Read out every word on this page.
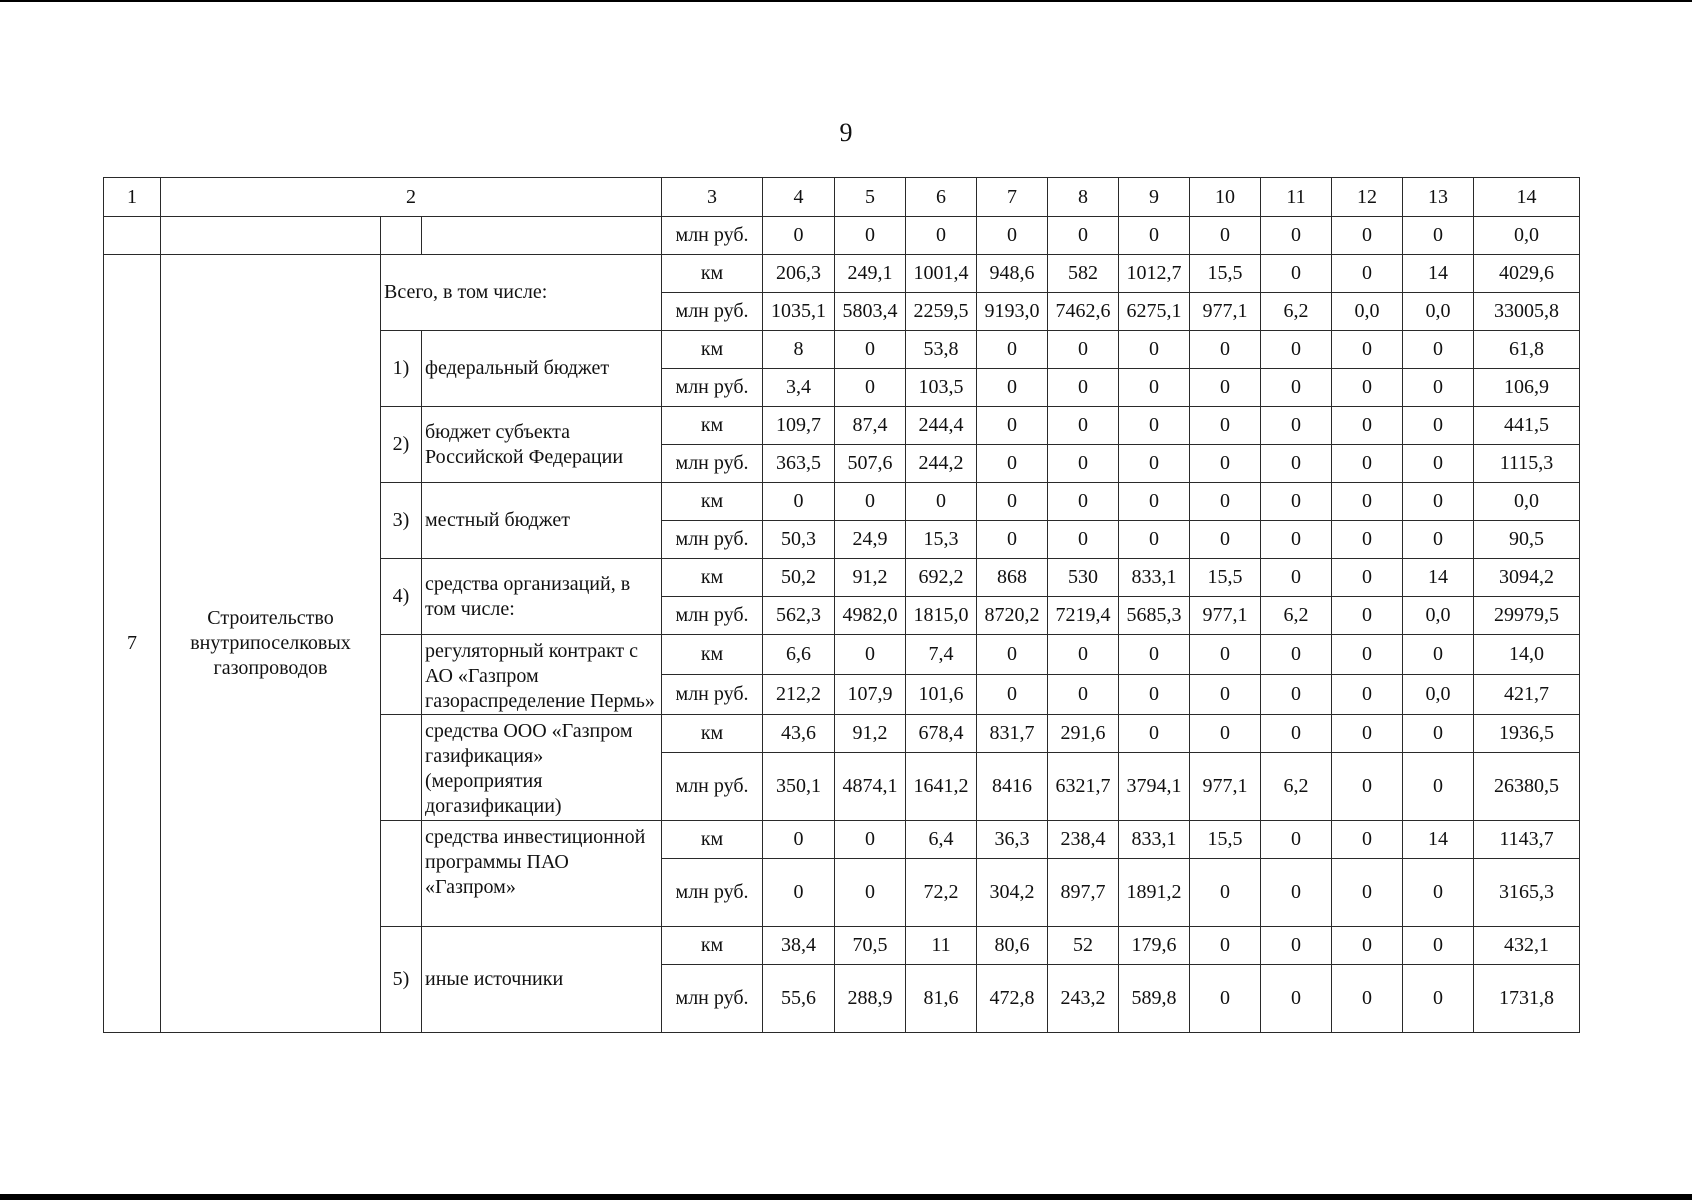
9
1	2			3	4	5	6	7	8	9	10	11	12	13	14
				млн руб.	0	0	0	0	0	0	0	0	0	0	0,0
7	Строительство внутрипоселковых газопроводов	Всего, в том числе:		км	206,3	249,1	1001,4	948,6	582	1012,7	15,5	0	0	14	4029,6
				млн руб.	1035,1	5803,4	2259,5	9193,0	7462,6	6275,1	977,1	6,2	0,0	0,0	33005,8
		1)	федеральный бюджет	км	8	0	53,8	0	0	0	0	0	0	0	61,8
				млн руб.	3,4	0	103,5	0	0	0	0	0	0	0	106,9
		2)	бюджет субъекта Российской Федерации	км	109,7	87,4	244,4	0	0	0	0	0	0	0	441,5
				млн руб.	363,5	507,6	244,2	0	0	0	0	0	0	0	1115,3
		3)	местный бюджет	км	0	0	0	0	0	0	0	0	0	0	0,0
				млн руб.	50,3	24,9	15,3	0	0	0	0	0	0	0	90,5
		4)	средства организаций, в том числе:	км	50,2	91,2	692,2	868	530	833,1	15,5	0	0	14	3094,2
				млн руб.	562,3	4982,0	1815,0	8720,2	7219,4	5685,3	977,1	6,2	0	0,0	29979,5
			регуляторный контракт с АО «Газпром газораспределение Пермь»	км	6,6	0	7,4	0	0	0	0	0	0	0	14,0
				млн руб.	212,2	107,9	101,6	0	0	0	0	0	0	0,0	421,7
			средства ООО «Газпром газификация» (мероприятия догазификации)	км	43,6	91,2	678,4	831,7	291,6	0	0	0	0	0	1936,5
				млн руб.	350,1	4874,1	1641,2	8416	6321,7	3794,1	977,1	6,2	0	0	26380,5
			средства инвестиционной программы ПАО «Газпром»	км	0	0	6,4	36,3	238,4	833,1	15,5	0	0	14	1143,7
				млн руб.	0	0	72,2	304,2	897,7	1891,2	0	0	0	0	3165,3
		5)	иные источники	км	38,4	70,5	11	80,6	52	179,6	0	0	0	0	432,1
				млн руб.	55,6	288,9	81,6	472,8	243,2	589,8	0	0	0	0	1731,8
